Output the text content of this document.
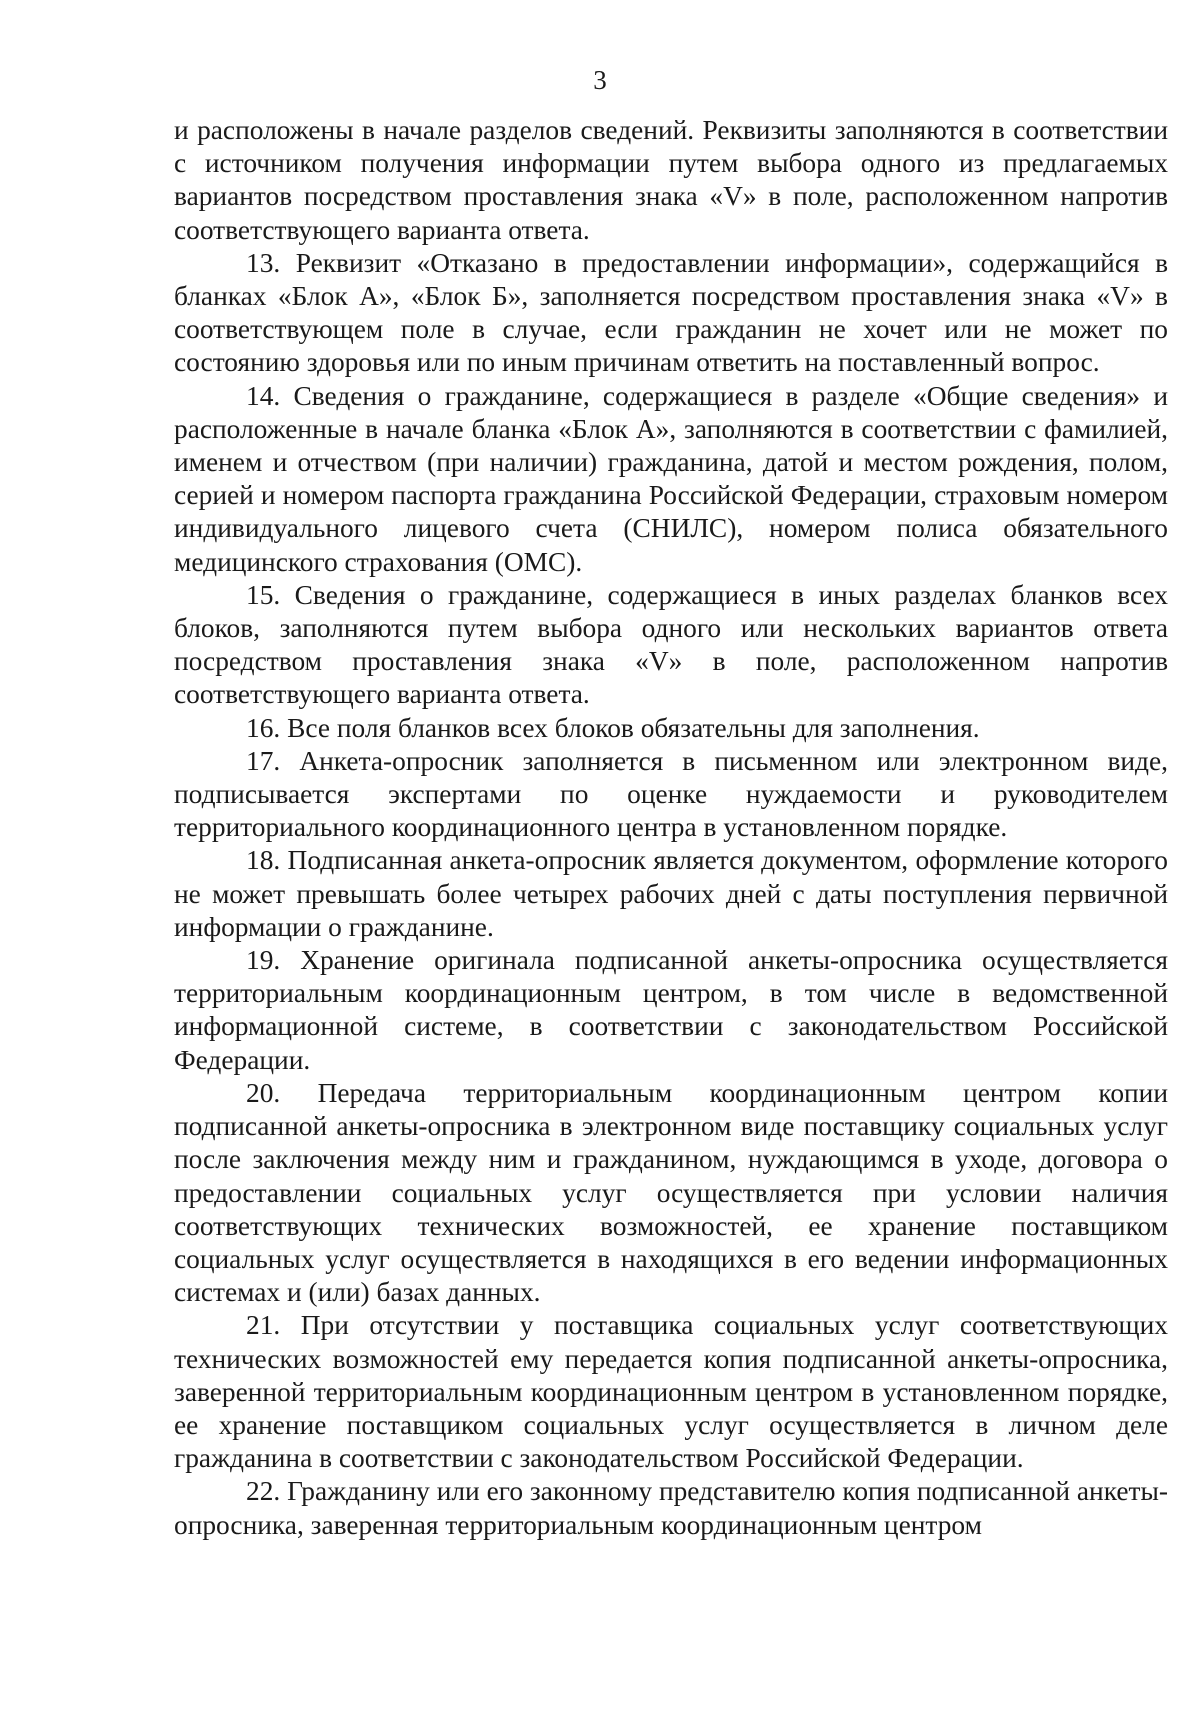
3

и расположены в начале разделов сведений. Реквизиты заполняются в соответствии с источником получения информации путем выбора одного из предлагаемых вариантов посредством проставления знака «V» в поле, расположенном напротив соответствующего варианта ответа.

13. Реквизит «Отказано в предоставлении информации», содержащийся в бланках «Блок А», «Блок Б», заполняется посредством проставления знака «V» в соответствующем поле в случае, если гражданин не хочет или не может по состоянию здоровья или по иным причинам ответить на поставленный вопрос.

14. Сведения о гражданине, содержащиеся в разделе «Общие сведения» и расположенные в начале бланка «Блок А», заполняются в соответствии с фамилией, именем и отчеством (при наличии) гражданина, датой и местом рождения, полом, серией и номером паспорта гражданина Российской Федерации, страховым номером индивидуального лицевого счета (СНИЛС), номером полиса обязательного медицинского страхования (ОМС).

15. Сведения о гражданине, содержащиеся в иных разделах бланков всех блоков, заполняются путем выбора одного или нескольких вариантов ответа посредством проставления знака «V» в поле, расположенном напротив соответствующего варианта ответа.

16. Все поля бланков всех блоков обязательны для заполнения.

17. Анкета-опросник заполняется в письменном или электронном виде, подписывается экспертами по оценке нуждаемости и руководителем территориального координационного центра в установленном порядке.

18. Подписанная анкета-опросник является документом, оформление которого не может превышать более четырех рабочих дней с даты поступления первичной информации о гражданине.

19. Хранение оригинала подписанной анкеты-опросника осуществляется территориальным координационным центром, в том числе в ведомственной информационной системе, в соответствии с законодательством Российской Федерации.

20. Передача территориальным координационным центром копии подписанной анкеты-опросника в электронном виде поставщику социальных услуг после заключения между ним и гражданином, нуждающимся в уходе, договора о предоставлении социальных услуг осуществляется при условии наличия соответствующих технических возможностей, ее хранение поставщиком социальных услуг осуществляется в находящихся в его ведении информационных системах и (или) базах данных.

21. При отсутствии у поставщика социальных услуг соответствующих технических возможностей ему передается копия подписанной анкеты-опросника, заверенной территориальным координационным центром в установленном порядке, ее хранение поставщиком социальных услуг осуществляется в личном деле гражданина в соответствии с законодательством Российской Федерации.

22. Гражданину или его законному представителю копия подписанной анкеты-опросника, заверенная территориальным координационным центром
